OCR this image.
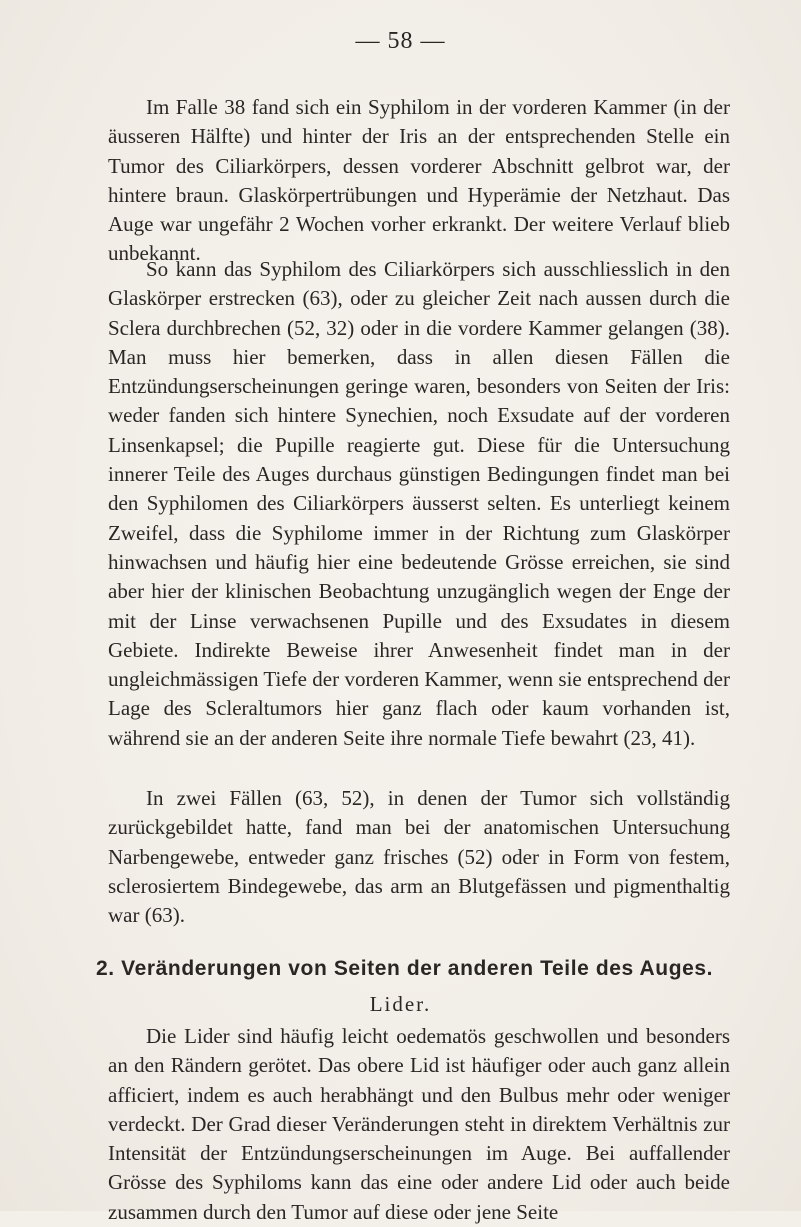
— 58 —

Im Falle 38 fand sich ein Syphilom in der vorderen Kammer (in der äusseren Hälfte) und hinter der Iris an der entsprechenden Stelle ein Tumor des Ciliarkörpers, dessen vorderer Abschnitt gelbrot war, der hintere braun. Glaskörpertrübungen und Hyperämie der Netzhaut. Das Auge war ungefähr 2 Wochen vorher erkrankt. Der weitere Verlauf blieb unbekannt.

So kann das Syphilom des Ciliarkörpers sich ausschliesslich in den Glaskörper erstrecken (63), oder zu gleicher Zeit nach aussen durch die Sclera durchbrechen (52, 32) oder in die vordere Kammer gelangen (38). Man muss hier bemerken, dass in allen diesen Fällen die Entzündungserscheinungen geringe waren, besonders von Seiten der Iris: weder fanden sich hintere Synechien, noch Exsudate auf der vorderen Linsenkapsel; die Pupille reagierte gut. Diese für die Untersuchung innerer Teile des Auges durchaus günstigen Bedingungen findet man bei den Syphilomen des Ciliarkörpers äusserst selten. Es unterliegt keinem Zweifel, dass die Syphilome immer in der Richtung zum Glaskörper hinwachsen und häufig hier eine bedeutende Grösse erreichen, sie sind aber hier der klinischen Beobachtung unzugänglich wegen der Enge der mit der Linse verwachsenen Pupille und des Exsudates in diesem Gebiete. Indirekte Beweise ihrer Anwesenheit findet man in der ungleichmässigen Tiefe der vorderen Kammer, wenn sie entsprechend der Lage des Scleraltumors hier ganz flach oder kaum vorhanden ist, während sie an der anderen Seite ihre normale Tiefe bewahrt (23, 41).

In zwei Fällen (63, 52), in denen der Tumor sich vollständig zurückgebildet hatte, fand man bei der anatomischen Untersuchung Narbengewebe, entweder ganz frisches (52) oder in Form von festem, sclerosiertem Bindegewebe, das arm an Blutgefässen und pigmenthaltig war (63).

2. Veränderungen von Seiten der anderen Teile des Auges.
Lider.

Die Lider sind häufig leicht oedematös geschwollen und besonders an den Rändern gerötet. Das obere Lid ist häufiger oder auch ganz allein afficiert, indem es auch herabhängt und den Bulbus mehr oder weniger verdeckt. Der Grad dieser Veränderungen steht in direktem Verhältnis zur Intensität der Entzündungserscheinungen im Auge. Bei auffallender Grösse des Syphiloms kann das eine oder andere Lid oder auch beide zusammen durch den Tumor auf diese oder jene Seite
